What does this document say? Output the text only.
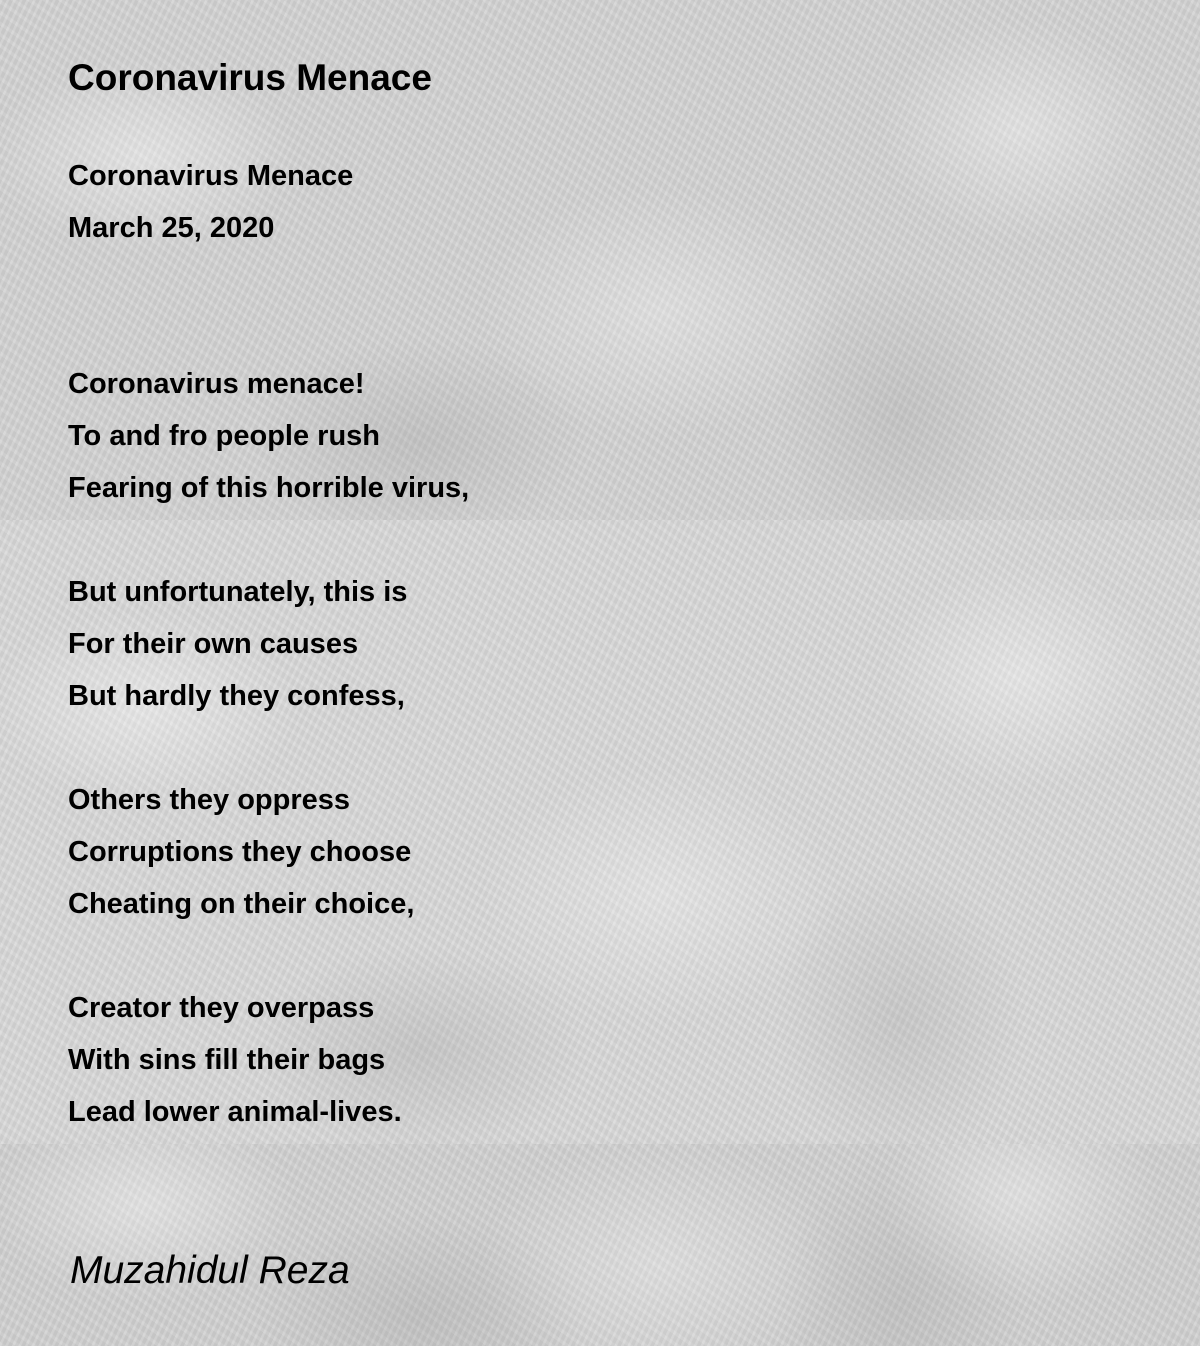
Coronavirus Menace
Coronavirus Menace
March 25, 2020
Coronavirus menace!
To and fro people rush
Fearing of this horrible virus,
But unfortunately, this is
For their own causes
But hardly they confess,
Others they oppress
Corruptions they choose
Cheating on their choice,
Creator they overpass
With sins fill their bags
Lead lower animal-lives.

Muzahidul Reza
